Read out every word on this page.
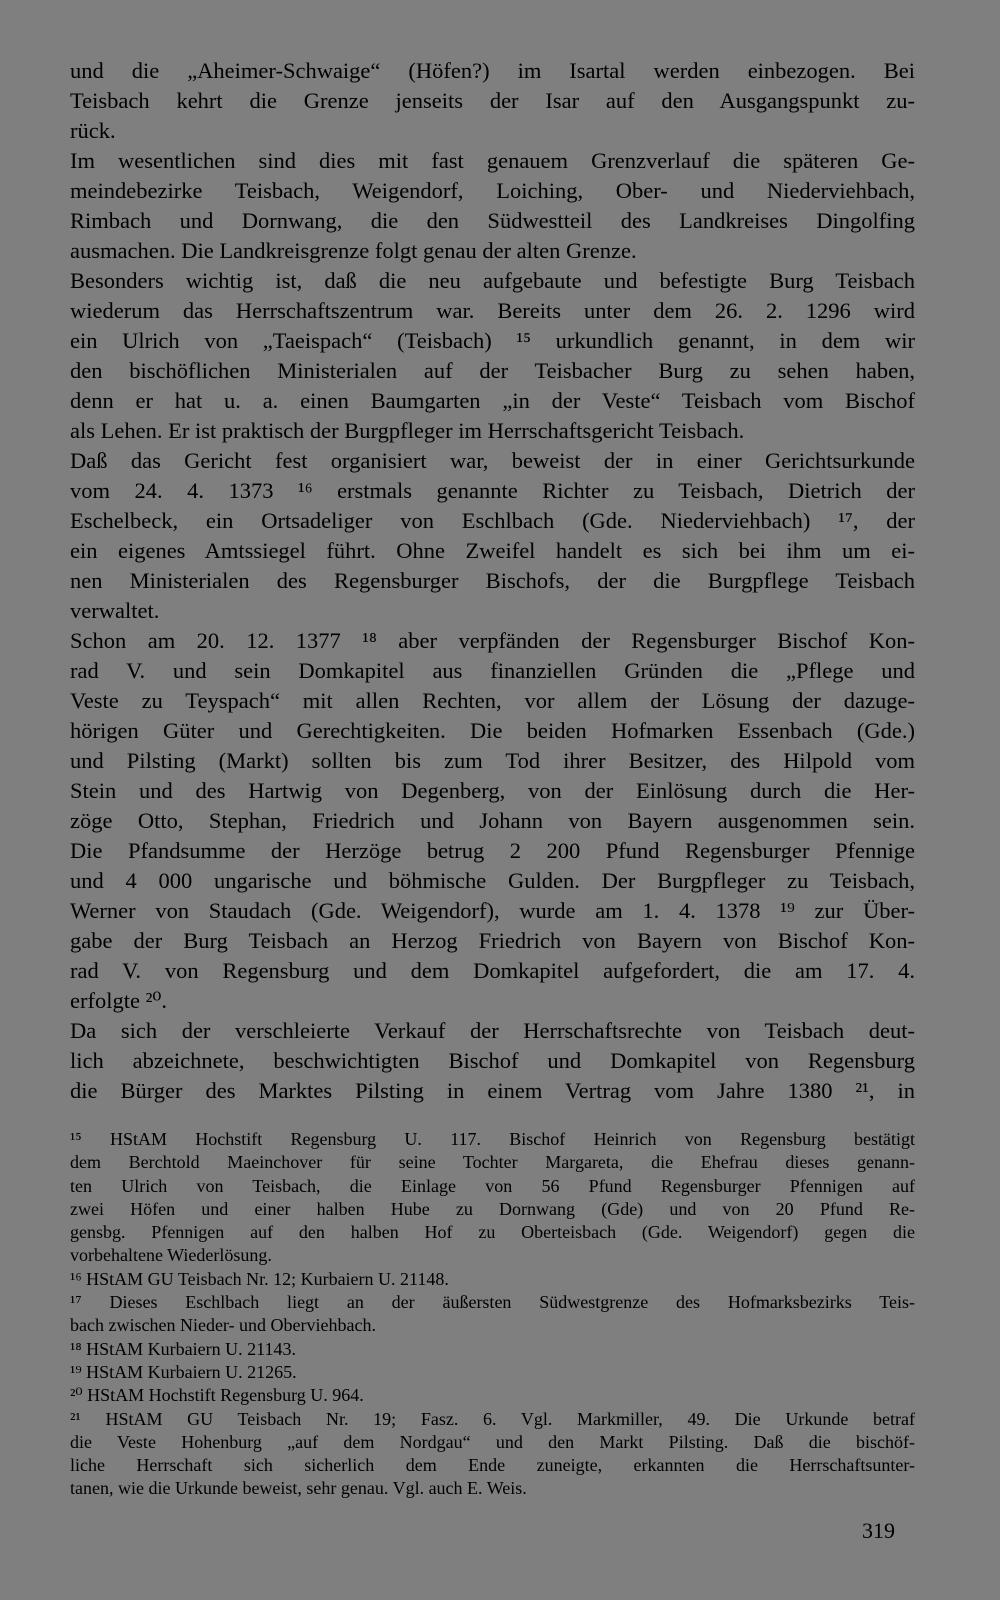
und die „Aheimer-Schwaige“ (Höfen?) im Isartal werden einbezogen. Bei
Teisbach kehrt die Grenze jenseits der Isar auf den Ausgangspunkt zu-
rück.
Im wesentlichen sind dies mit fast genauem Grenzverlauf die späteren Ge-
meindebezirke Teisbach, Weigendorf, Loiching, Ober- und Niederviehbach,
Rimbach und Dornwang, die den Südwestteil des Landkreises Dingolfing
ausmachen. Die Landkreisgrenze folgt genau der alten Grenze.
Besonders wichtig ist, daß die neu aufgebaute und befestigte Burg Teisbach
wiederum das Herrschaftszentrum war. Bereits unter dem 26. 2. 1296 wird
ein Ulrich von „Taeispach“ (Teisbach) ¹⁵ urkundlich genannt, in dem wir
den bischöflichen Ministerialen auf der Teisbacher Burg zu sehen haben,
denn er hat u. a. einen Baumgarten „in der Veste“ Teisbach vom Bischof
als Lehen. Er ist praktisch der Burgpfleger im Herrschaftsgericht Teisbach.
Daß das Gericht fest organisiert war, beweist der in einer Gerichtsurkunde
vom 24. 4. 1373 ¹⁶ erstmals genannte Richter zu Teisbach, Dietrich der
Eschelbeck, ein Ortsadeliger von Eschlbach (Gde. Niederviehbach) ¹⁷, der
ein eigenes Amtssiegel führt. Ohne Zweifel handelt es sich bei ihm um ei-
nen Ministerialen des Regensburger Bischofs, der die Burgpflege Teisbach
verwaltet.
Schon am 20. 12. 1377 ¹⁸ aber verpfänden der Regensburger Bischof Kon-
rad V. und sein Domkapitel aus finanziellen Gründen die „Pflege und
Veste zu Teyspach“ mit allen Rechten, vor allem der Lösung der dazuge-
hörigen Güter und Gerechtigkeiten. Die beiden Hofmarken Essenbach (Gde.)
und Pilsting (Markt) sollten bis zum Tod ihrer Besitzer, des Hilpold vom
Stein und des Hartwig von Degenberg, von der Einlösung durch die Her-
zöge Otto, Stephan, Friedrich und Johann von Bayern ausgenommen sein.
Die Pfandsumme der Herzöge betrug 2 200 Pfund Regensburger Pfennige
und 4 000 ungarische und böhmische Gulden. Der Burgpfleger zu Teisbach,
Werner von Staudach (Gde. Weigendorf), wurde am 1. 4. 1378 ¹⁹ zur Über-
gabe der Burg Teisbach an Herzog Friedrich von Bayern von Bischof Kon-
rad V. von Regensburg und dem Domkapitel aufgefordert, die am 17. 4.
erfolgte ²⁰.
Da sich der verschleierte Verkauf der Herrschaftsrechte von Teisbach deut-
lich abzeichnete, beschwichtigten Bischof und Domkapitel von Regensburg
die Bürger des Marktes Pilsting in einem Vertrag vom Jahre 1380 ²¹, in
¹⁵ HStAM Hochstift Regensburg U. 117. Bischof Heinrich von Regensburg bestätigt
dem Berchtold Maeinchover für seine Tochter Margareta, die Ehefrau dieses genann-
ten Ulrich von Teisbach, die Einlage von 56 Pfund Regensburger Pfennigen auf
zwei Höfen und einer halben Hube zu Dornwang (Gde) und von 20 Pfund Re-
gensbg. Pfennigen auf den halben Hof zu Oberteisbach (Gde. Weigendorf) gegen die
vorbehaltene Wiederlösung.
¹⁶ HStAM GU Teisbach Nr. 12; Kurbaiern U. 21148.
¹⁷ Dieses Eschlbach liegt an der äußersten Südwestgrenze des Hofmarksbezirks Teis-
bach zwischen Nieder- und Oberviehbach.
¹⁸ HStAM Kurbaiern U. 21143.
¹⁹ HStAM Kurbaiern U. 21265.
²⁰ HStAM Hochstift Regensburg U. 964.
²¹ HStAM GU Teisbach Nr. 19; Fasz. 6. Vgl. Markmiller, 49. Die Urkunde betraf
die Veste Hohenburg „auf dem Nordgau“ und den Markt Pilsting. Daß die bischöf-
liche Herrschaft sich sicherlich dem Ende zuneigte, erkannten die Herrschaftsunter-
tanen, wie die Urkunde beweist, sehr genau. Vgl. auch E. Weis.
319
